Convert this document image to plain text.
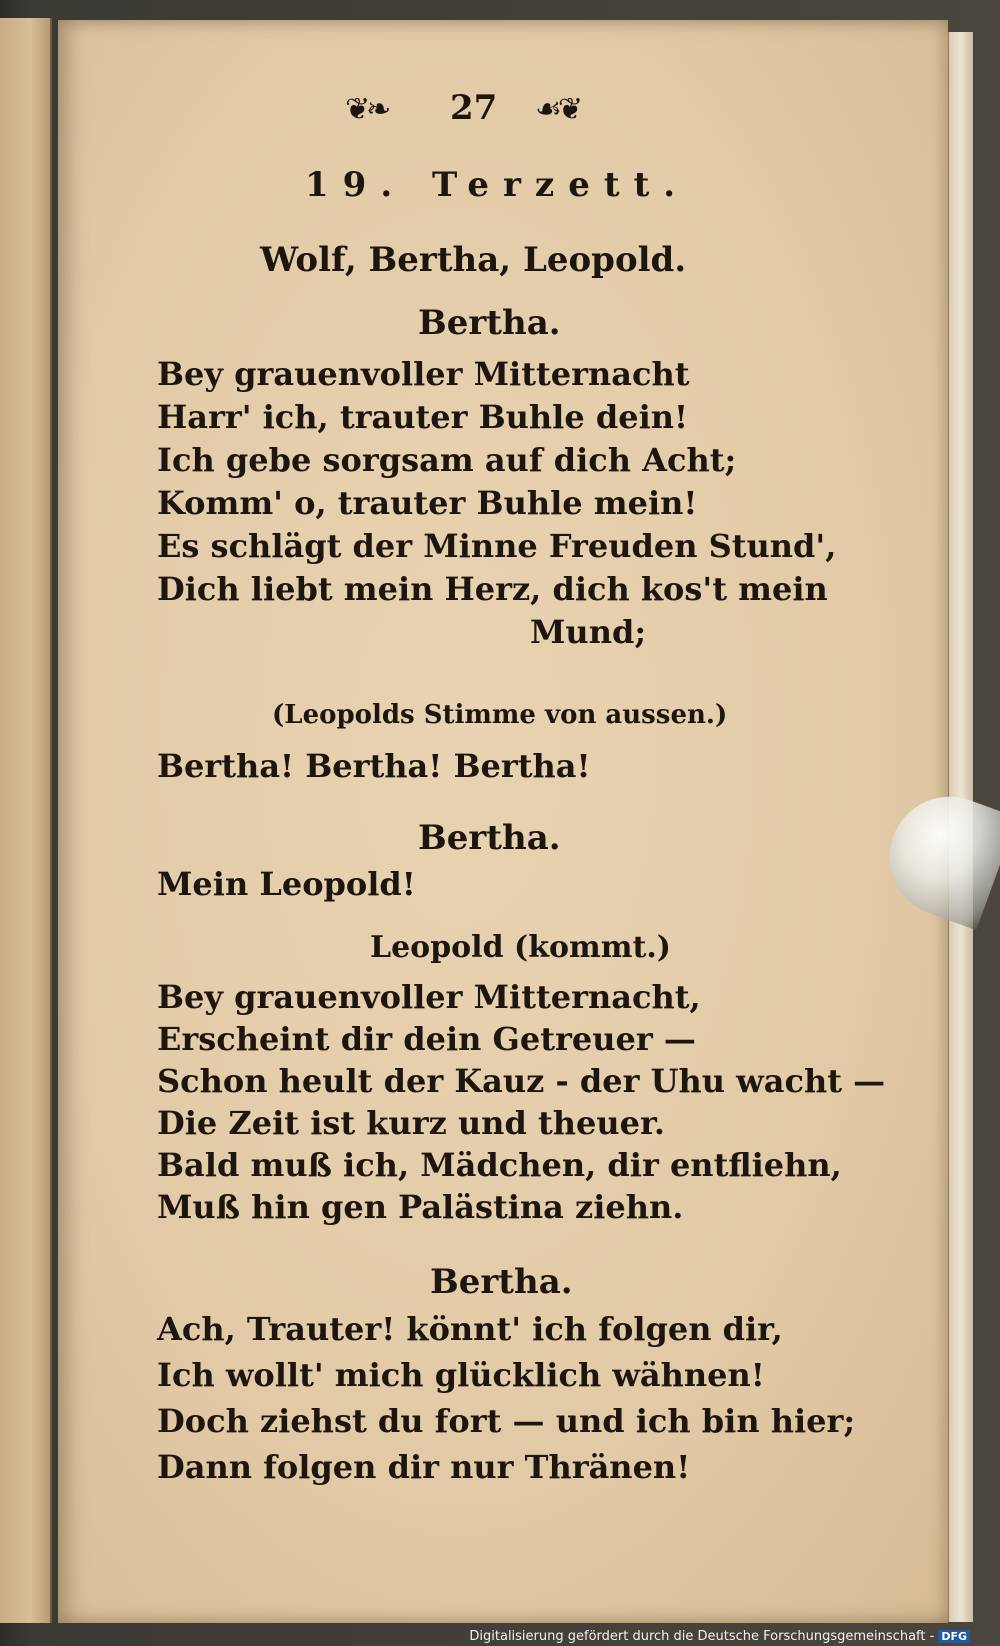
❦❧ 27 ☙❦
19. Terzett.
Wolf, Bertha, Leopold.
Bertha.
Bey grauenvoller Mitternacht
Harr' ich, trauter Buhle dein!
Ich gebe sorgsam auf dich Acht;
Komm' o, trauter Buhle mein!
Es schlägt der Minne Freuden Stund',
Dich liebt mein Herz, dich kos't mein
Mund;
(Leopolds Stimme von aussen.)
Bertha! Bertha! Bertha!
Bertha.
Mein Leopold!
Leopold (kommt.)
Bey grauenvoller Mitternacht,
Erscheint dir dein Getreuer —
Schon heult der Kauz - der Uhu wacht —
Die Zeit ist kurz und theuer.
Bald muß ich, Mädchen, dir entfliehn,
Muß hin gen Palästina ziehn.
Bertha.
Ach, Trauter! könnt' ich folgen dir,
Ich wollt' mich glücklich wähnen!
Doch ziehst du fort — und ich bin hier;
Dann folgen dir nur Thränen!
Digitalisierung gefördert durch die Deutsche Forschungsgemeinschaft - DFG
